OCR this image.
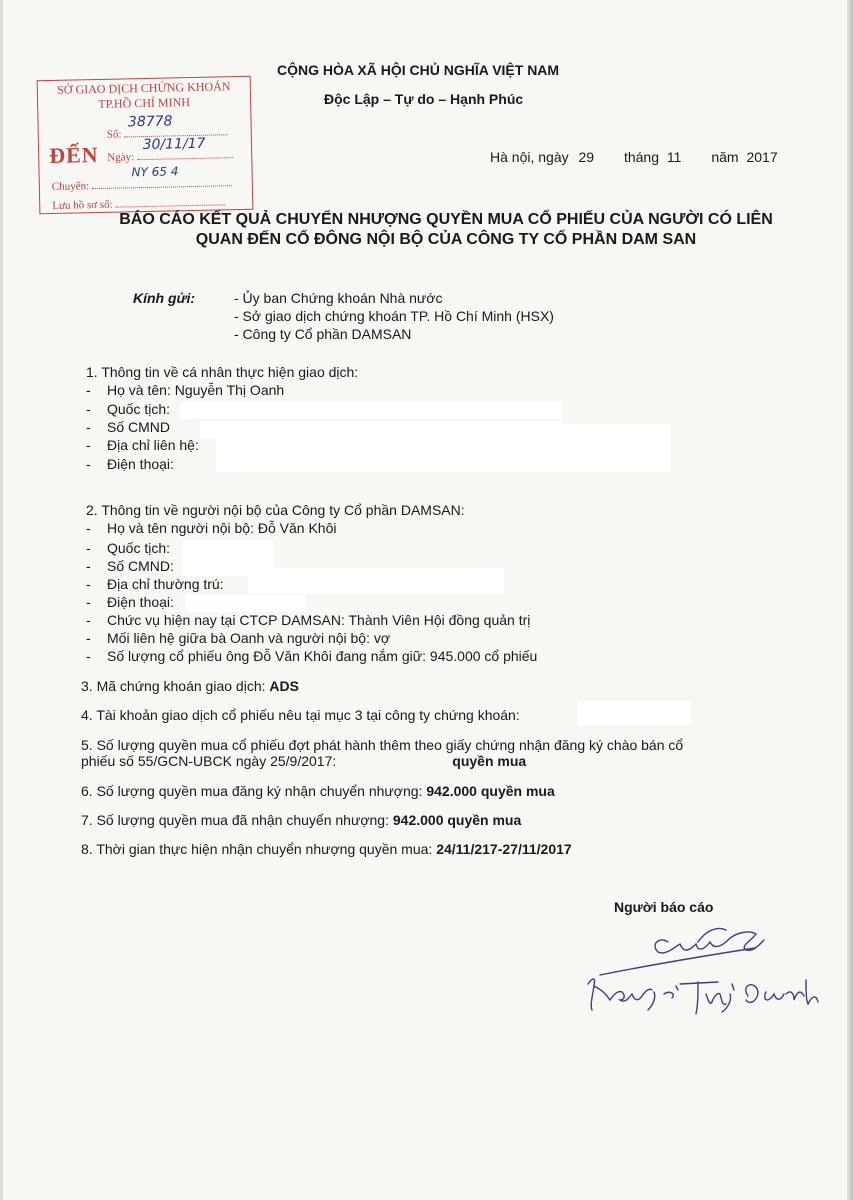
SỞ GIAO DỊCH CHỨNG KHOÁN
TP.HỒ CHÍ MINH
ĐẾN
Số:
38778
Ngày:
30/11/17
Chuyển:
NY 65 4
Lưu hồ sơ số:
CỘNG HÒA XÃ HỘI CHỦ NGHĨA VIỆT NAM
Độc Lập – Tự do – Hạnh Phúc
Hà nội, ngày 29 tháng 11 năm 2017
BÁO CÁO KẾT QUẢ CHUYỂN NHƯỢNG QUYỀN MUA CỔ PHIẾU CỦA NGƯỜI CÓ LIÊN
QUAN ĐẾN CỔ ĐÔNG NỘI BỘ CỦA CÔNG TY CỔ PHẦN DAM SAN
Kính gửi:	- Ủy ban Chứng khoán Nhà nước
- Sở giao dịch chứng khoán TP. Hồ Chí Minh (HSX)
- Công ty Cổ phần DAMSAN
1. Thông tin về cá nhân thực hiện giao dịch:
- Họ và tên: Nguyễn Thị Oanh
- Quốc tịch:
- Số CMND
- Địa chỉ liên hệ:
- Điện thoại:
2. Thông tin về người nội bộ của Công ty Cổ phần DAMSAN:
- Họ và tên người nội bộ: Đỗ Văn Khôi
- Quốc tịch:
- Số CMND:
- Địa chỉ thường trú:
- Điện thoại:
- Chức vụ hiện nay tại CTCP DAMSAN: Thành Viên Hội đồng quản trị
- Mối liên hệ giữa bà Oanh và người nội bộ: vợ
- Số lượng cổ phiếu ông Đỗ Văn Khôi đang nắm giữ: 945.000 cổ phiếu
3. Mã chứng khoán giao dịch: ADS
4. Tài khoản giao dịch cổ phiếu nêu tại mục 3 tại công ty chứng khoán:
5. Số lượng quyền mua cổ phiếu đợt phát hành thêm theo giấy chứng nhận đăng ký chào bán cổ
phiếu số 55/GCN-UBCK ngày 25/9/2017:	quyền mua
6. Số lượng quyền mua đăng ký nhận chuyển nhượng: 942.000 quyền mua
7. Số lượng quyền mua đã nhận chuyển nhượng: 942.000 quyền mua
8. Thời gian thực hiện nhận chuyển nhượng quyền mua: 24/11/217-27/11/2017
Người báo cáo
